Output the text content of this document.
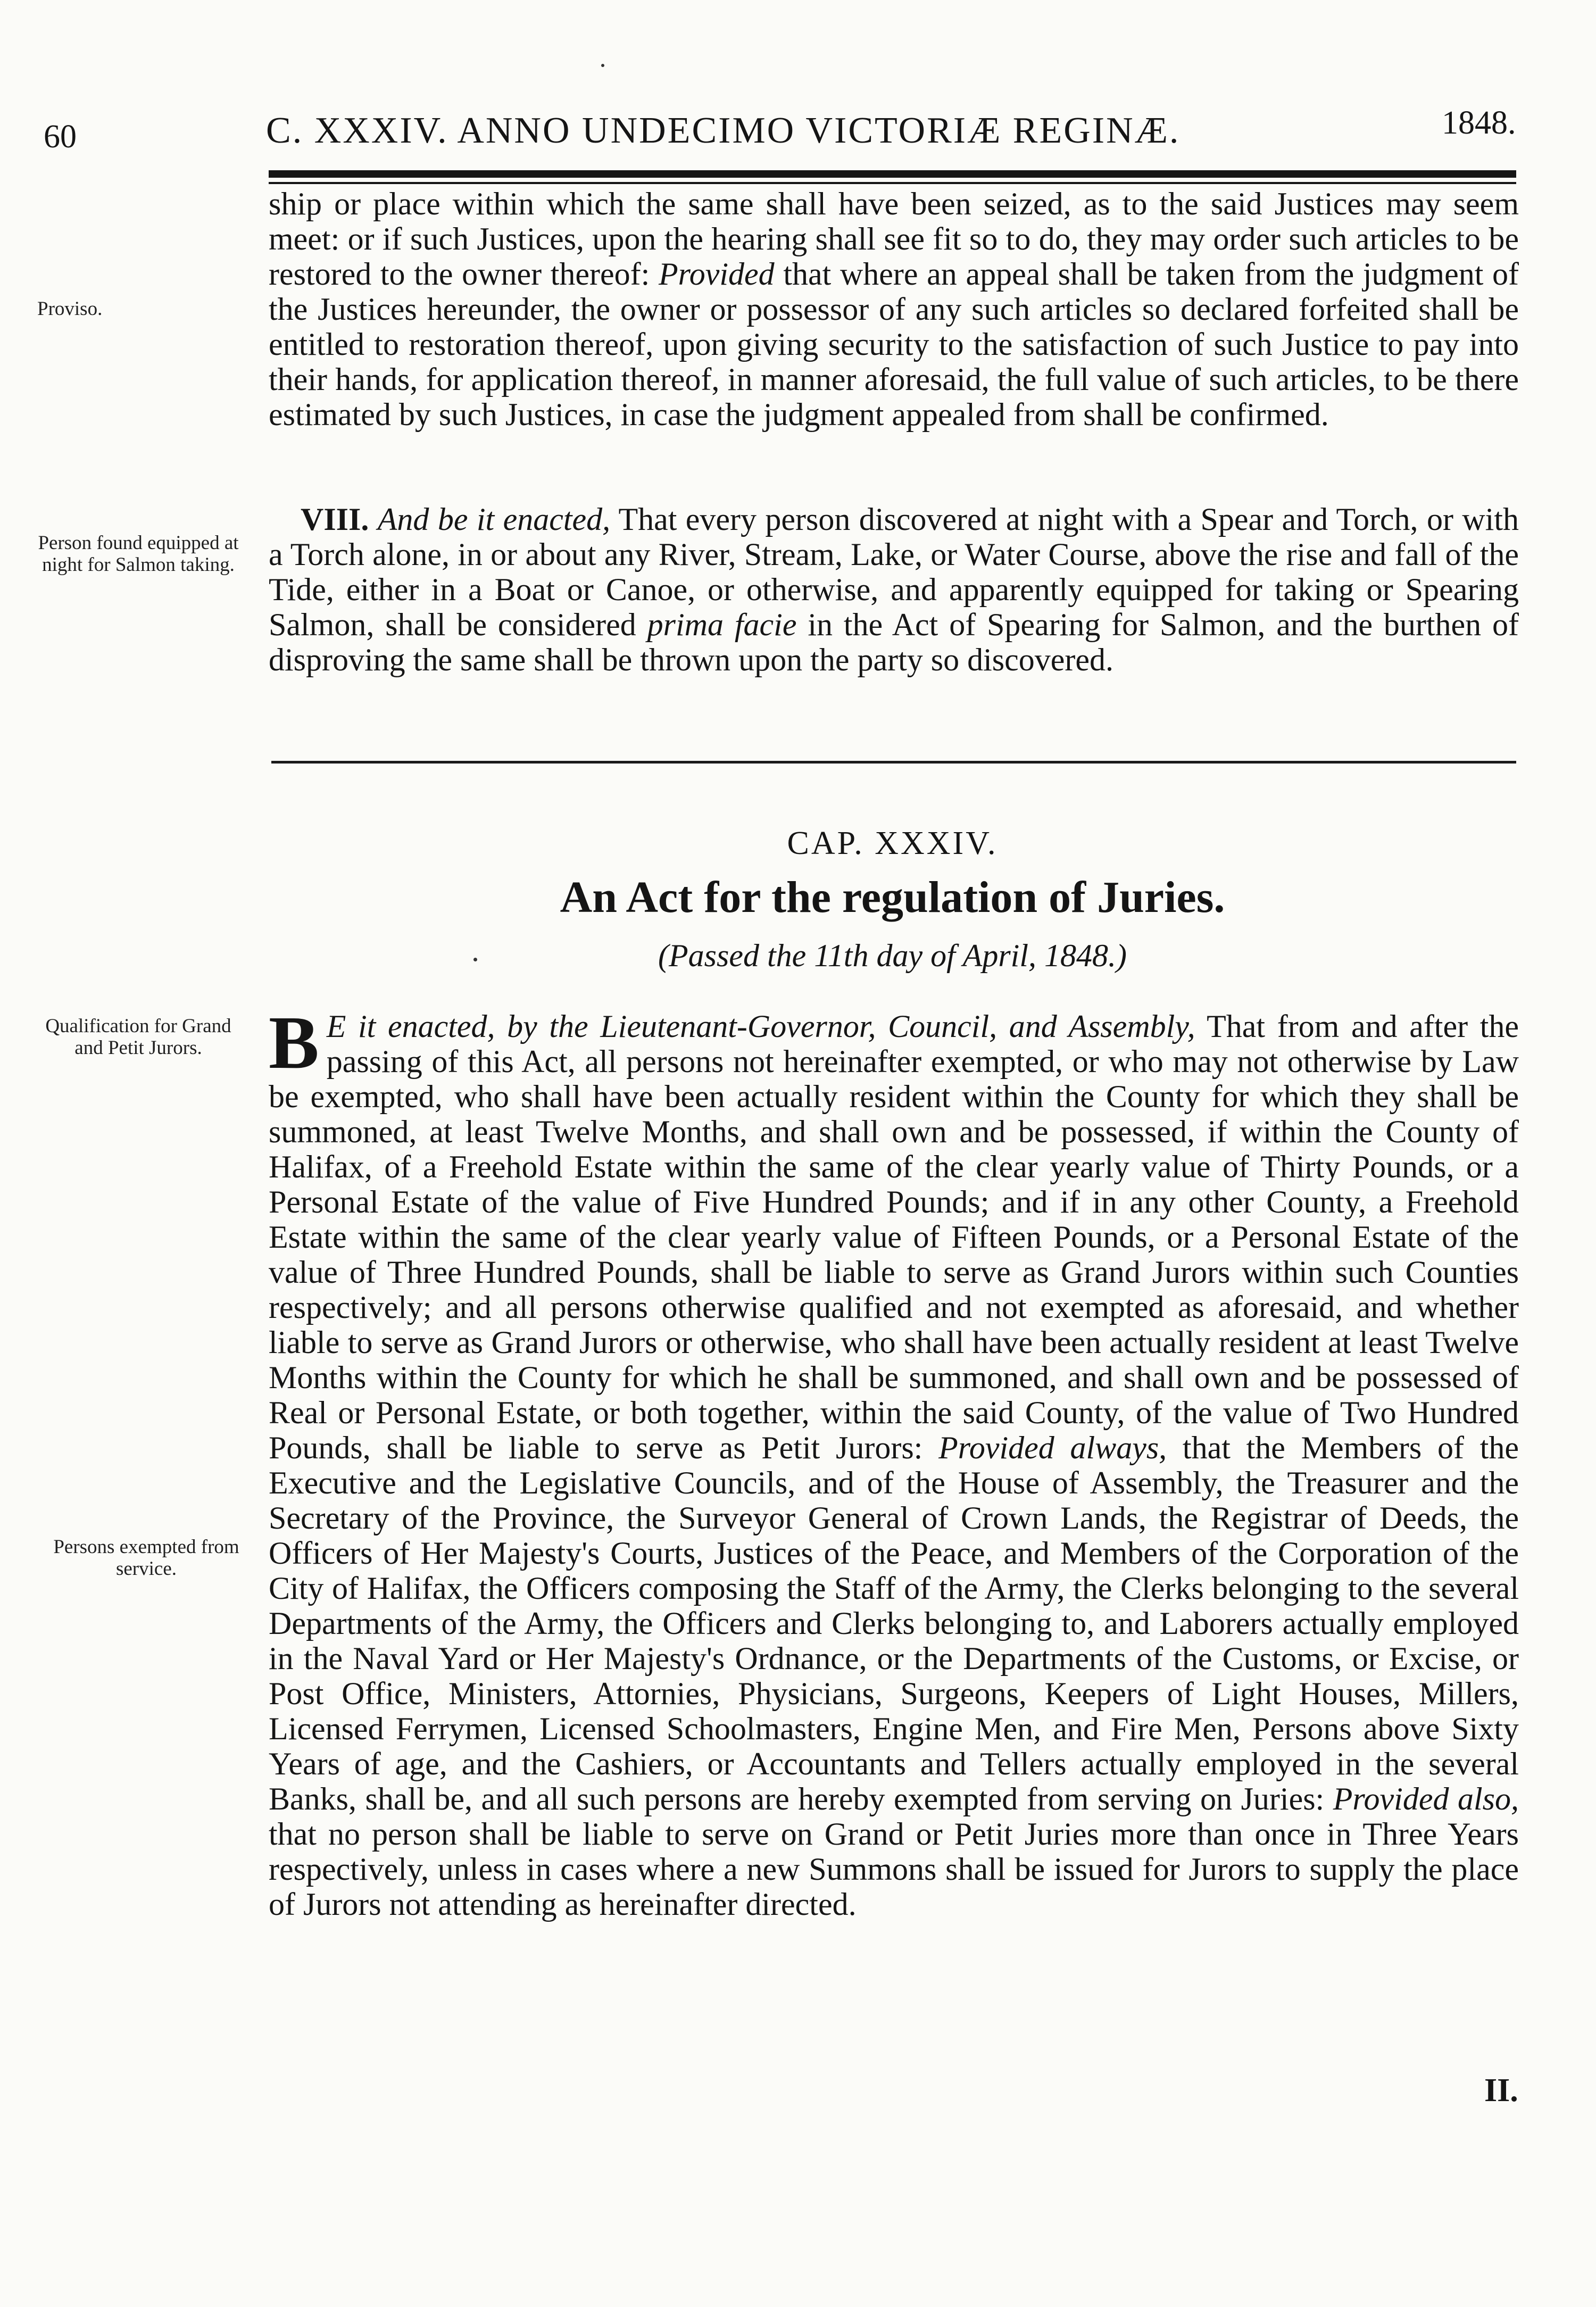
60	C. XXXIV. ANNO UNDECIMO VICTORIÆ REGINÆ.	1848.
Proviso.
Person found equipped at night for Salmon taking.
Qualification for Grand and Petit Jurors.
Persons exempted from service.

ship or place within which the same shall have been seized, as to the said Justices may seem meet: or if such Justices, upon the hearing shall see fit so to do, they may order such articles to be restored to the owner thereof: Provided that where an appeal shall be taken from the judgment of the Justices hereunder, the owner or possessor of any such articles so declared forfeited shall be entitled to restoration thereof, upon giving security to the satisfaction of such Justice to pay into their hands, for application thereof, in manner aforesaid, the full value of such articles, to be there estimated by such Justices, in case the judgment appealed from shall be confirmed.

VIII. And be it enacted, That every person discovered at night with a Spear and Torch, or with a Torch alone, in or about any River, Stream, Lake, or Water Course, above the rise and fall of the Tide, either in a Boat or Canoe, or otherwise, and apparently equipped for taking or Spearing Salmon, shall be considered prima facie in the Act of Spearing for Salmon, and the burthen of disproving the same shall be thrown upon the party so discovered.

CAP. XXXIV.
An Act for the regulation of Juries.
(Passed the 11th day of April, 1848.)

B E it enacted, by the Lieutenant-Governor, Council, and Assembly, That from and after the passing of this Act, all persons not hereinafter exempted, or who may not otherwise by Law be exempted, who shall have been actually resident within the County for which they shall be summoned, at least Twelve Months, and shall own and be possessed, if within the County of Halifax, of a Freehold Estate within the same of the clear yearly value of Thirty Pounds, or a Personal Estate of the value of Five Hundred Pounds; and if in any other County, a Freehold Estate within the same of the clear yearly value of Fifteen Pounds, or a Personal Estate of the value of Three Hundred Pounds, shall be liable to serve as Grand Jurors within such Counties respectively; and all persons otherwise qualified and not exempted as aforesaid, and whether liable to serve as Grand Jurors or otherwise, who shall have been actually resident at least Twelve Months within the County for which he shall be summoned, and shall own and be possessed of Real or Personal Estate, or both together, within the said County, of the value of Two Hundred Pounds, shall be liable to serve as Petit Jurors: Provided always, that the Members of the Executive and the Legislative Councils, and of the House of Assembly, the Treasurer and the Secretary of the Province, the Surveyor General of Crown Lands, the Registrar of Deeds, the Officers of Her Majesty's Courts, Justices of the Peace, and Members of the Corporation of the City of Halifax, the Officers composing the Staff of the Army, the Clerks belonging to the several Departments of the Army, the Officers and Clerks belonging to, and Laborers actually employed in the Naval Yard or Her Majesty's Ordnance, or the Departments of the Customs, or Excise, or Post Office, Ministers, Attornies, Physicians, Surgeons, Keepers of Light Houses, Millers, Licensed Ferrymen, Licensed Schoolmasters, Engine Men, and Fire Men, Persons above Sixty Years of age, and the Cashiers, or Accountants and Tellers actually employed in the several Banks, shall be, and all such persons are hereby exempted from serving on Juries: Provided also, that no person shall be liable to serve on Grand or Petit Juries more than once in Three Years respectively, unless in cases where a new Summons shall be issued for Jurors to supply the place of Jurors not attending as hereinafter directed.

II.
